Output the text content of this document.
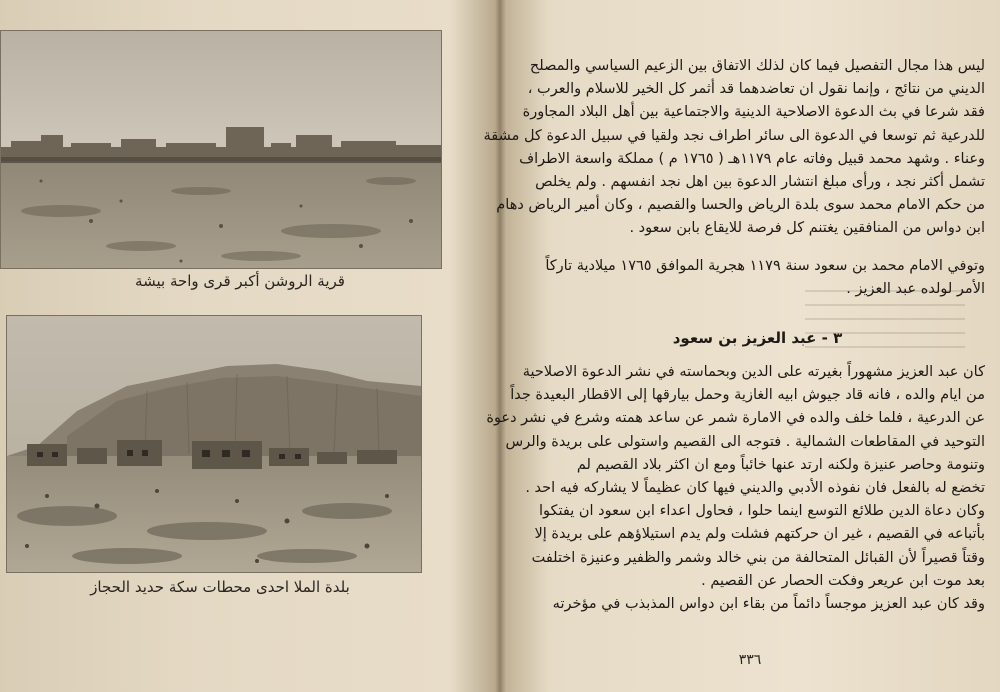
قرية الروشن أكبر قرى واحة بيشة
بلدة الملا احدى محطات سكة حديد الحجاز

ليس هذا مجال التفصيل فيما كان لذلك الاتفاق بين الزعيم السياسي والمصلح

الديني من نتائج ، وإنما نقول ان تعاضدهما قد أثمر كل الخير للاسلام والعرب ،

فقد شرعا في بث الدعوة الاصلاحية الدينية والاجتماعية بين أهل البلاد المجاورة

للدرعية ثم توسعا في الدعوة الى سائر اطراف نجد ولقيا في سبيل الدعوة كل مشقة

وعناء . وشهد محمد قبيل وفاته عام ١١٧٩هـ ( ١٧٦٥ م ) مملكة واسعة الاطراف

تشمل أكثر نجد ، ورأى مبلغ انتشار الدعوة بين اهل نجد انفسهم . ولم يخلص

من حكم الامام محمد سوى بلدة الرياض والحسا والقصيم ، وكان أمير الرياض دهام

ابن دواس من المنافقين يغتنم كل فرصة للايقاع بابن سعود .

وتوفي الامام محمد بن سعود سنة ١١٧٩ هجرية الموافق ١٧٦٥ ميلادية تاركاً

الأمر لولده عبد العزيز .

٣ - عبد العزيز بن سعود

كان عبد العزيز مشهوراً بغيرته على الدين وبحماسته في نشر الدعوة الاصلاحية

من ايام والده ، فانه قاد جيوش ابيه الغازية وحمل بيارقها إلى الاقطار البعيدة جداً

عن الدرعية ، فلما خلف والده في الامارة شمر عن ساعد همته وشرع في نشر دعوة

التوحيد في المقاطعات الشمالية . فتوجه الى القصيم واستولى على بريدة والرس

وتنومة وحاصر عنيزة ولكنه ارتد عنها خائباً ومع ان اكثر بلاد القصيم لم

تخضع له بالفعل فان نفوذه الأدبي والديني فيها كان عظيماً لا يشاركه فيه احد .

وكان دعاة الدين طلائع التوسع اينما حلوا ، فحاول اعداء ابن سعود ان يفتكوا

بأتباعه في القصيم ، غير ان حركتهم فشلت ولم يدم استيلاؤهم على بريدة إلا

وقتاً قصيراً لأن القبائل المتحالفة من بني خالد وشمر والظفير وعنيزة اختلفت

بعد موت ابن عريعر وفكت الحصار عن القصيم .

وقد كان عبد العزيز موجساً دائماً من بقاء ابن دواس المذبذب في مؤخرته

٣٣٦
